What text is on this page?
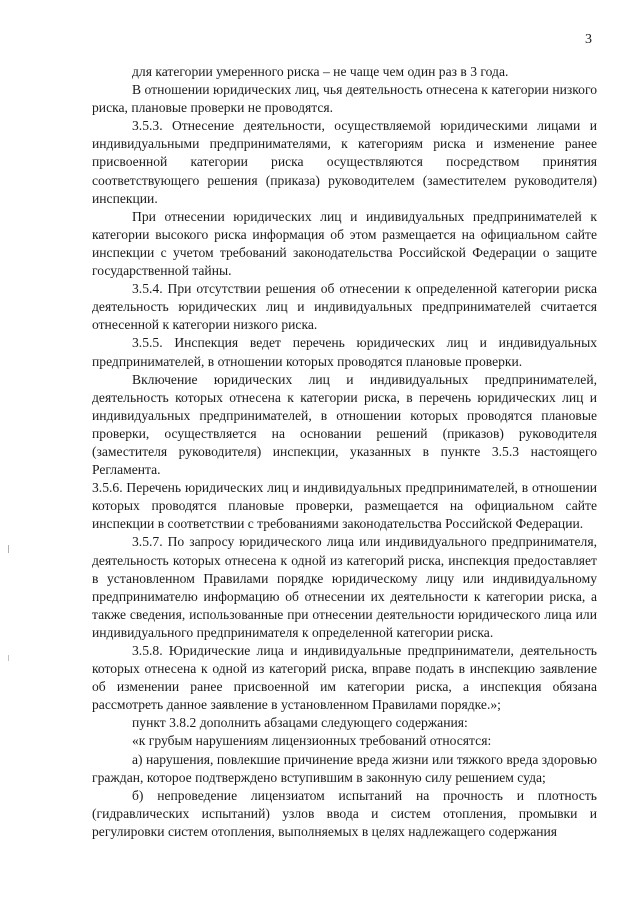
3

для категории умеренного риска – не чаще чем один раз в 3 года.

В отношении юридических лиц, чья деятельность отнесена к категории низкого риска, плановые проверки не проводятся.

3.5.3. Отнесение деятельности, осуществляемой юридическими лицами и индивидуальными предпринимателями, к категориям риска и изменение ранее присвоенной категории риска осуществляются посредством принятия соответствующего решения (приказа) руководителем (заместителем руководителя) инспекции.

При отнесении юридических лиц и индивидуальных предпринимателей к категории высокого риска информация об этом размещается на официальном сайте инспекции с учетом требований законодательства Российской Федерации о защите государственной тайны.

3.5.4. При отсутствии решения об отнесении к определенной категории риска деятельность юридических лиц и индивидуальных предпринимателей считается отнесенной к категории низкого риска.

3.5.5. Инспекция ведет перечень юридических лиц и индивидуальных предпринимателей, в отношении которых проводятся плановые проверки.

Включение юридических лиц и индивидуальных предпринимателей, деятельность которых отнесена к категории риска, в перечень юридических лиц и индивидуальных предпринимателей, в отношении которых проводятся плановые проверки, осуществляется на основании решений (приказов) руководителя (заместителя руководителя) инспекции, указанных в пункте 3.5.3 настоящего Регламента.

3.5.6. Перечень юридических лиц и индивидуальных предпринимателей, в отношении которых проводятся плановые проверки, размещается на официальном сайте инспекции в соответствии с требованиями законодательства Российской Федерации.

3.5.7. По запросу юридического лица или индивидуального предпринимателя, деятельность которых отнесена к одной из категорий риска, инспекция предоставляет в установленном Правилами порядке юридическому лицу или индивидуальному предпринимателю информацию об отнесении их деятельности к категории риска, а также сведения, использованные при отнесении деятельности юридического лица или индивидуального предпринимателя к определенной категории риска.

3.5.8. Юридические лица и индивидуальные предприниматели, деятельность которых отнесена к одной из категорий риска, вправе подать в инспекцию заявление об изменении ранее присвоенной им категории риска, а инспекция обязана рассмотреть данное заявление в установленном Правилами порядке.»;

пункт 3.8.2 дополнить абзацами следующего содержания:

«к грубым нарушениям лицензионных требований относятся:

а) нарушения, повлекшие причинение вреда жизни или тяжкого вреда здоровью граждан, которое подтверждено вступившим в законную силу решением суда;

б) непроведение лицензиатом испытаний на прочность и плотность (гидравлических испытаний) узлов ввода и систем отопления, промывки и регулировки систем отопления, выполняемых в целях надлежащего содержания
